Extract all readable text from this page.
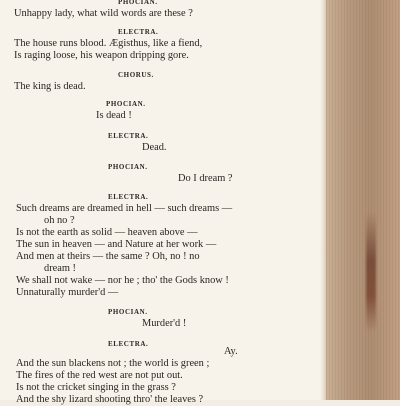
PHOCIAN.
Unhappy lady, what wild words are these ?
ELECTRA.
The house runs blood. Ægisthus, like a fiend,
Is raging loose, his weapon dripping gore.
CHORUS.
The king is dead.
PHOCIAN.
Is dead !
ELECTRA.
Dead.
PHOCIAN.
Do I dream ?
ELECTRA.
Such dreams are dreamed in hell — such dreams —
oh no ?
Is not the earth as solid — heaven above —
The sun in heaven — and Nature at her work —
And men at theirs — the same ? Oh, no ! no
dream !
We shall not wake — nor he ; tho' the Gods know !
Unnaturally murder'd —
PHOCIAN.
Murder'd !
ELECTRA.
Ay.
And the sun blackens not ; the world is green ;
The fires of the red west are not put out.
Is not the cricket singing in the grass ?
And the shy lizard shooting thro' the leaves ?
